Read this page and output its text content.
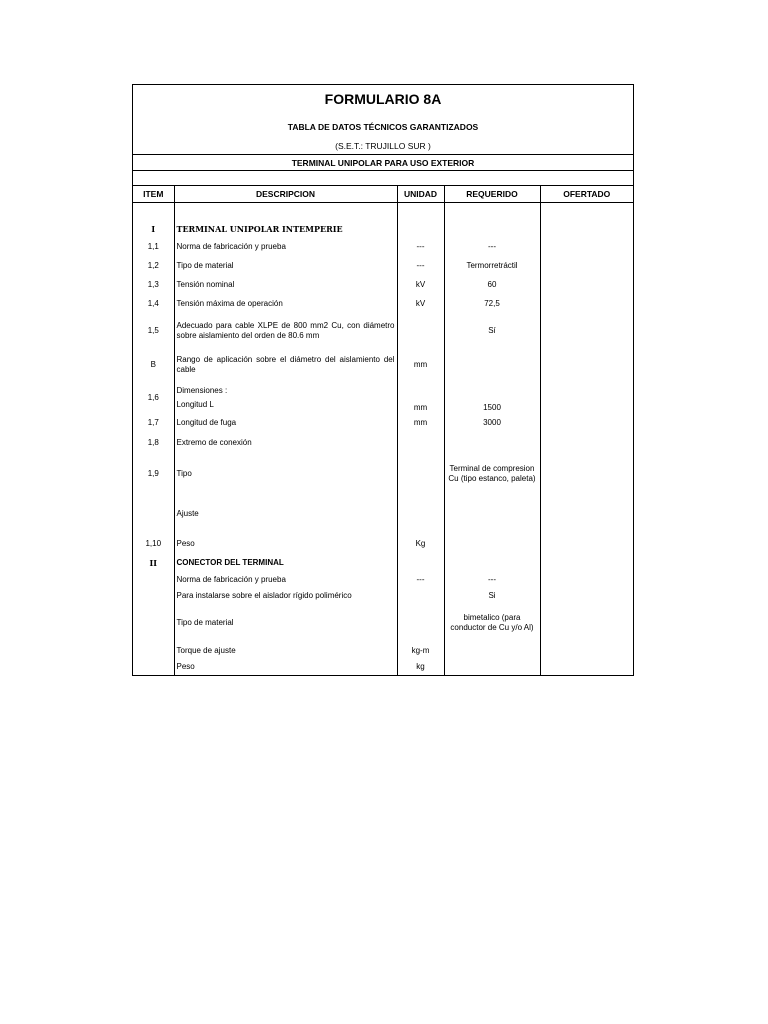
FORMULARIO 8A
TABLA DE DATOS TÉCNICOS GARANTIZADOS
(S.E.T.: TRUJILLO SUR )
TERMINAL UNIPOLAR PARA USO EXTERIOR
ITEM	DESCRIPCION	UNIDAD	REQUERIDO	OFERTADO

I	TERMINAL UNIPOLAR INTEMPERIE			
1,1	Norma de fabricación y prueba	---	---	
1,2	Tipo de material	---	Termorretráctil	
1,3	Tensión nominal	kV	60	
1,4	Tensión máxima de operación	kV	72,5	
1,5	Adecuado para cable XLPE de 800 mm2 Cu, con diámetro
sobre aislamiento del orden de 80.6 mm		Sí	
B	Rango de aplicación sobre el diámetro del aislamiento del
cable	mm		
1,6	Dimensiones :
Longitud L	mm	1500	
1,7	Longitud de fuga	mm	3000	
1,8	Extremo de conexión			
1,9	Tipo		Terminal de compresion
Cu (tipo estanco, paleta)	

	Ajuste			
1,10	Peso	Kg		
II	CONECTOR DEL TERMINAL			
	Norma de fabricación y prueba	---	---	
	Para instalarse sobre el aislador rígido polimérico		Si	
	Tipo de material		bimetalico (para
conductor de Cu y/o Al)	

	Torque de ajuste	kg-m		
	Peso	kg		
